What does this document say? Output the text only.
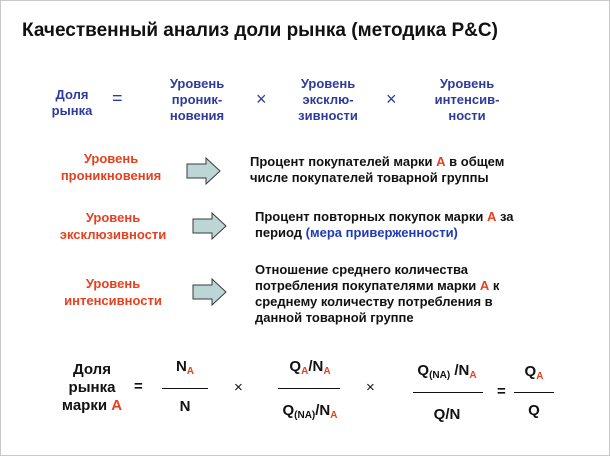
Качественный анализ доли рынка (методика P&C)
Доля
рынка
=
Уровень
проник-
новения
×
Уровень
эксклю-
зивности
×
Уровень
интенсив-
ности
Уровень
проникновения
Процент покупателей марки А в общем
числе покупателей товарной группы
Уровень
эксклюзивности
Процент повторных покупок марки А за
период (мера приверженности)
Уровень
интенсивности
Отношение среднего количества
потребления покупателями марки А к
среднему количеству потребления в
данной товарной группе
Доля
рынка
марки А
=
$N_A$
N
×
$Q_A/N_A$
$Q_{(NA)}/N_A$
×
$Q_{(NA)}$ $/N_A$
Q/N
=
$Q_A$
Q
